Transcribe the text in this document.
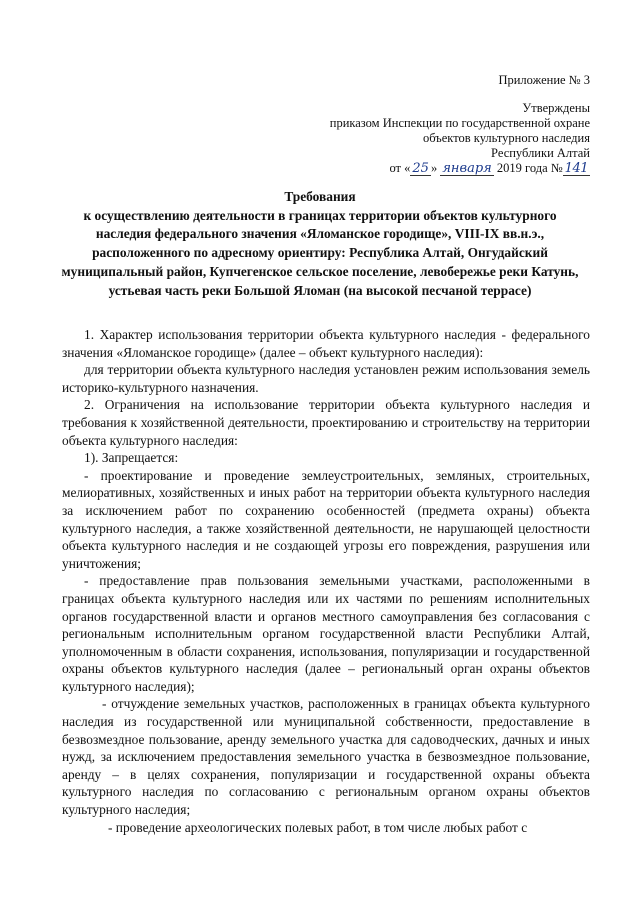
Приложение № 3
Утверждены
приказом Инспекции по государственной охране
объектов культурного наследия
Республики Алтай
от « 25 » января 2019 года № 141
Требования
к осуществлению деятельности в границах территории объектов культурного наследия федерального значения «Яломанское городище», VIII-IX вв.н.э., расположенного по адресному ориентиру: Республика Алтай, Онгудайский муниципальный район, Купчегенское сельское поселение, левобережье реки Катунь, устьевая часть реки Большой Яломан (на высокой песчаной террасе)

1. Характер использования территории объекта культурного наследия - федерального значения «Яломанское городище» (далее – объект культурного наследия):

для территории объекта культурного наследия установлен режим использования земель историко-культурного назначения.

2. Ограничения на использование территории объекта культурного наследия и требования к хозяйственной деятельности, проектированию и строительству на территории объекта культурного наследия:

1). Запрещается:

- проектирование и проведение землеустроительных, земляных, строительных, мелиоративных, хозяйственных и иных работ на территории объекта культурного наследия за исключением работ по сохранению особенностей (предмета охраны) объекта культурного наследия, а также хозяйственной деятельности, не нарушающей целостности объекта культурного наследия и не создающей угрозы его повреждения, разрушения или уничтожения;

- предоставление прав пользования земельными участками, расположенными в границах объекта культурного наследия или их частями по решениям исполнительных органов государственной власти и органов местного самоуправления без согласования с региональным исполнительным органом государственной власти Республики Алтай, уполномоченным в области сохранения, использования, популяризации и государственной охраны объектов культурного наследия (далее – региональный орган охраны объектов культурного наследия);

- отчуждение земельных участков, расположенных в границах объекта культурного наследия из государственной или муниципальной собственности, предоставление в безвозмездное пользование, аренду земельного участка для садоводческих, дачных и иных нужд, за исключением предоставления земельного участка в безвозмездное пользование, аренду – в целях сохранения, популяризации и государственной охраны объекта культурного наследия по согласованию с региональным органом охраны объектов культурного наследия;

- проведение археологических полевых работ, в том числе любых работ с
